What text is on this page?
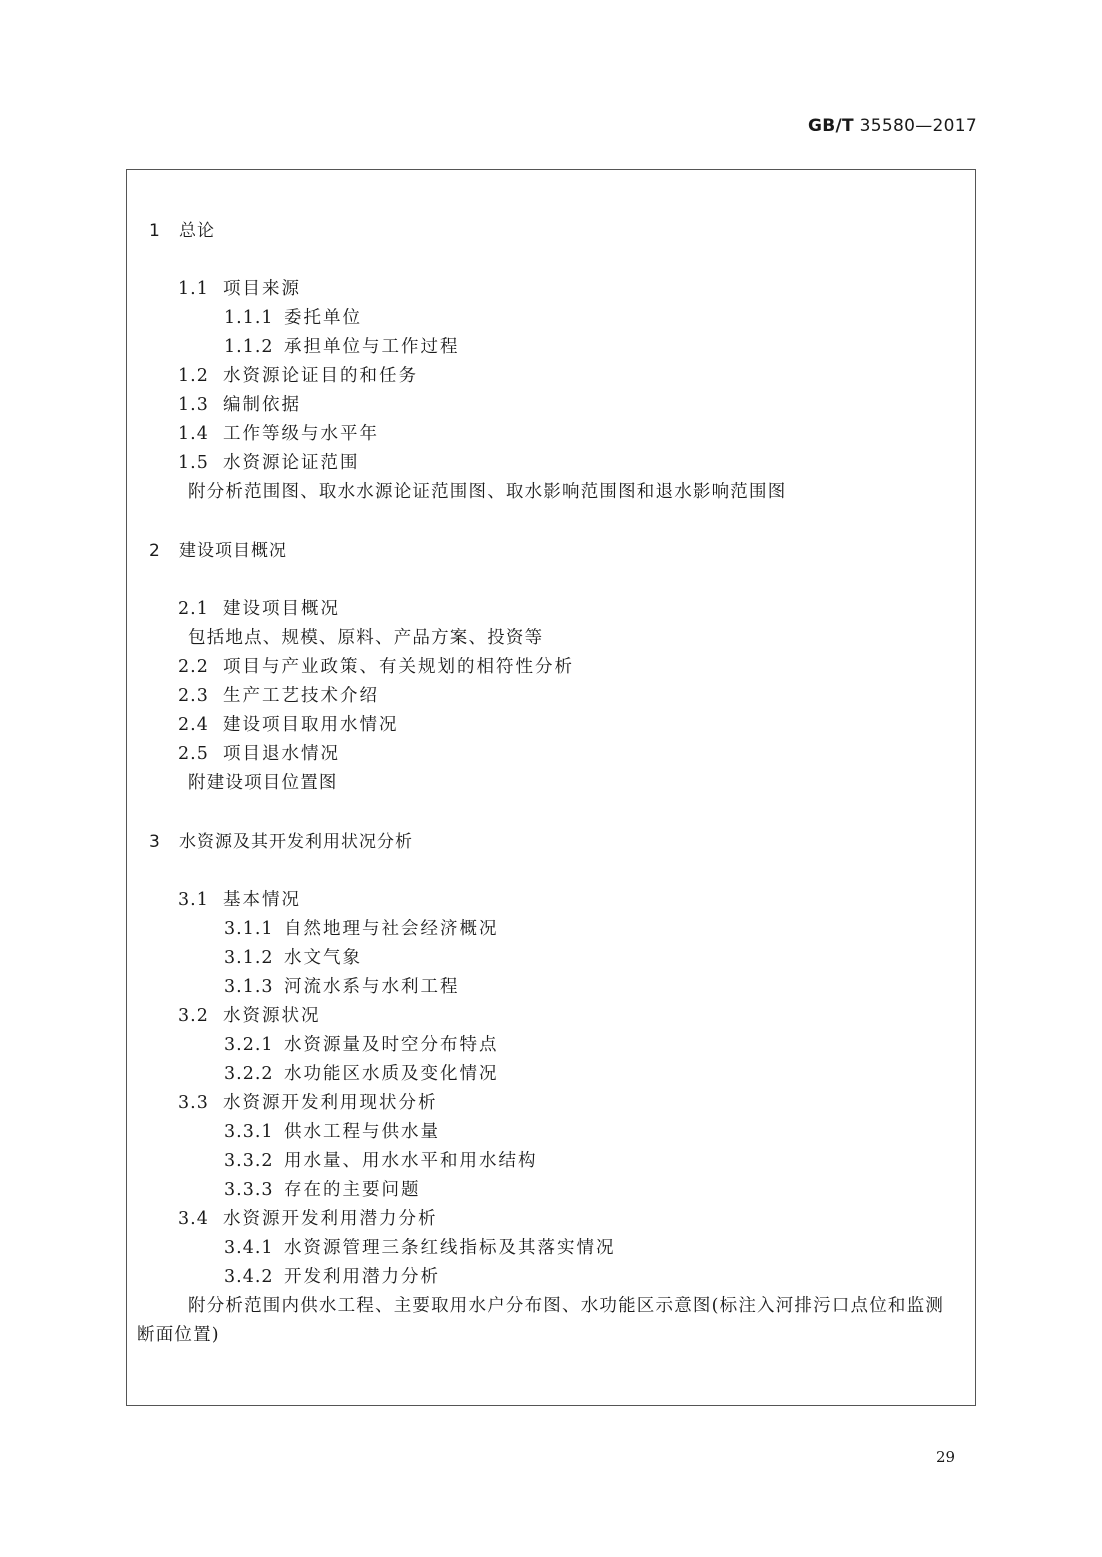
GB/T 35580—2017
1 总论
1.1 项目来源
1.1.1 委托单位
1.1.2 承担单位与工作过程
1.2 水资源论证目的和任务
1.3 编制依据
1.4 工作等级与水平年
1.5 水资源论证范围
附分析范围图、取水水源论证范围图、取水影响范围图和退水影响范围图
2 建设项目概况
2.1 建设项目概况
包括地点、规模、原料、产品方案、投资等
2.2 项目与产业政策、有关规划的相符性分析
2.3 生产工艺技术介绍
2.4 建设项目取用水情况
2.5 项目退水情况
附建设项目位置图
3 水资源及其开发利用状况分析
3.1 基本情况
3.1.1 自然地理与社会经济概况
3.1.2 水文气象
3.1.3 河流水系与水利工程
3.2 水资源状况
3.2.1 水资源量及时空分布特点
3.2.2 水功能区水质及变化情况
3.3 水资源开发利用现状分析
3.3.1 供水工程与供水量
3.3.2 用水量、用水水平和用水结构
3.3.3 存在的主要问题
3.4 水资源开发利用潜力分析
3.4.1 水资源管理三条红线指标及其落实情况
3.4.2 开发利用潜力分析
附分析范围内供水工程、主要取用水户分布图、水功能区示意图(标注入河排污口点位和监测
断面位置)
29
